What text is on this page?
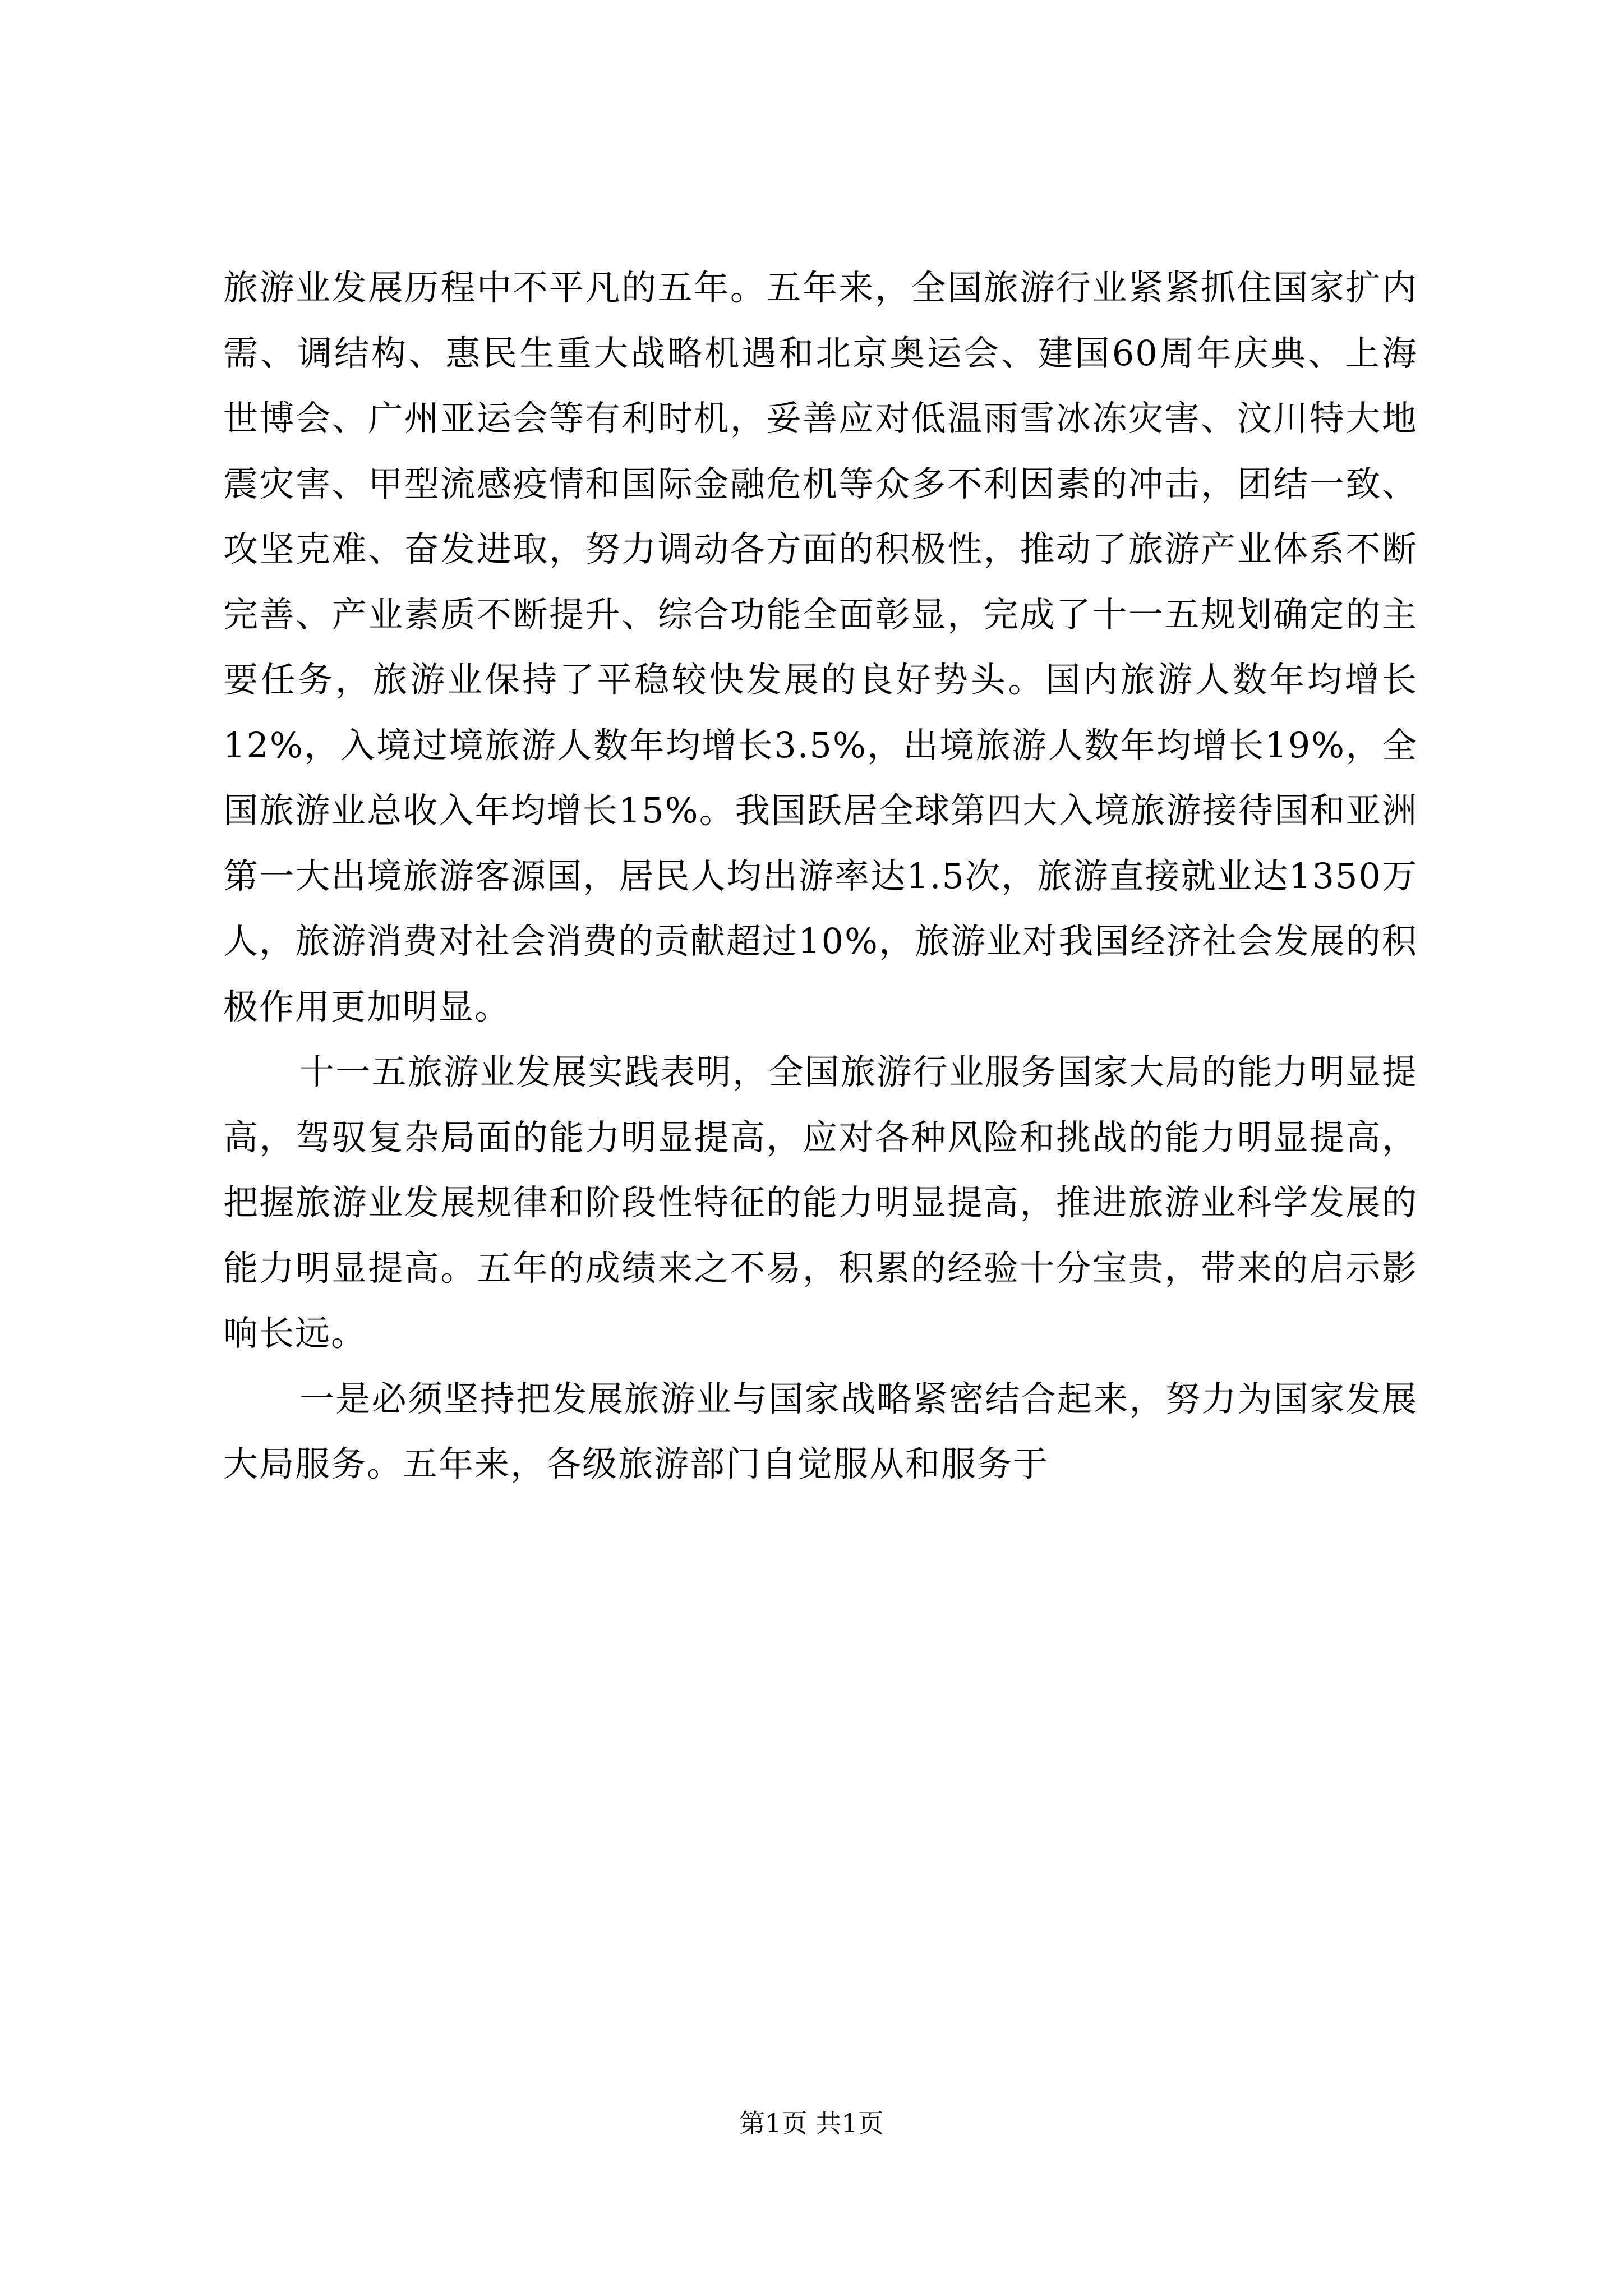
旅游业发展历程中不平凡的五年。五年来，全国旅游行业紧紧抓住国家扩内需、调结构、惠民生重大战略机遇和北京奥运会、建国60周年庆典、上海世博会、广州亚运会等有利时机，妥善应对低温雨雪冰冻灾害、汶川特大地震灾害、甲型流感疫情和国际金融危机等众多不利因素的冲击，团结一致、攻坚克难、奋发进取，努力调动各方面的积极性，推动了旅游产业体系不断完善、产业素质不断提升、综合功能全面彰显，完成了十一五规划确定的主要任务，旅游业保持了平稳较快发展的良好势头。国内旅游人数年均增长12%，入境过境旅游人数年均增长3.5%，出境旅游人数年均增长19%，全国旅游业总收入年均增长15%。我国跃居全球第四大入境旅游接待国和亚洲第一大出境旅游客源国，居民人均出游率达1.5次，旅游直接就业达1350万人，旅游消费对社会消费的贡献超过10%，旅游业对我国经济社会发展的积极作用更加明显。

十一五旅游业发展实践表明，全国旅游行业服务国家大局的能力明显提高，驾驭复杂局面的能力明显提高，应对各种风险和挑战的能力明显提高，把握旅游业发展规律和阶段性特征的能力明显提高，推进旅游业科学发展的能力明显提高。五年的成绩来之不易，积累的经验十分宝贵，带来的启示影响长远。

一是必须坚持把发展旅游业与国家战略紧密结合起来，努力为国家发展大局服务。五年来，各级旅游部门自觉服从和服务于

第1页 共1页
